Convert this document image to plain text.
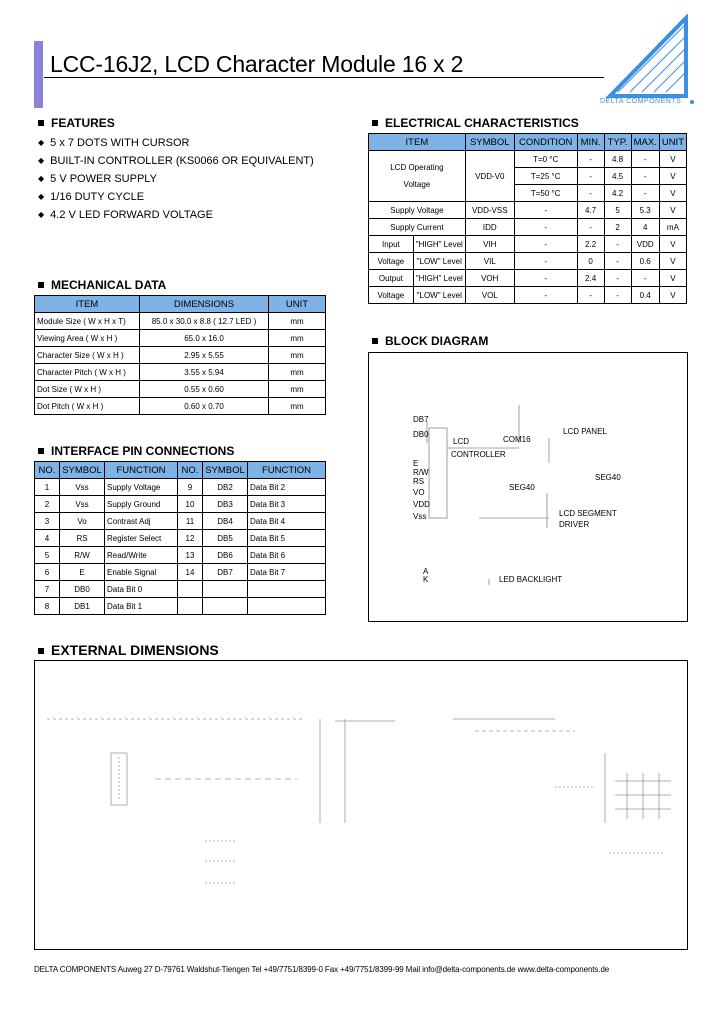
LCC-16J2, LCD Character Module 16 x 2
DELTA COMPONENTS
FEATURES
◆ 5 x 7 DOTS WITH CURSOR
◆ BUILT-IN CONTROLLER (KS0066 OR EQUIVALENT)
◆ 5 V POWER SUPPLY
◆ 1/16 DUTY CYCLE
◆ 4.2 V LED FORWARD VOLTAGE
MECHANICAL DATA
ITEM	DIMENSIONS	UNIT
Module Size ( W x H x T)	85.0 x 30.0 x 8.8 ( 12.7 LED )	mm
Viewing Area ( W x H )	65.0 x 16.0	mm
Character Size ( W x H )	2.95 x 5.55	mm
Character Pitch ( W x H )	3.55 x 5.94	mm
Dot Size ( W x H )	0.55 x 0.60	mm
Dot Pitch ( W x H )	0.60 x 0.70	mm
INTERFACE PIN CONNECTIONS
NO.	SYMBOL	FUNCTION	NO.	SYMBOL	FUNCTION
1	Vss	Supply Voltage	9	DB2	Data Bit 2
2	Vss	Supply Ground	10	DB3	Data Bit 3
3	Vo	Contrast Adj	11	DB4	Data Bit 4
4	RS	Register Select	12	DB5	Data Bit 5
5	R/W	Read/Write	13	DB6	Data Bit 6
6	E	Enable Signal	14	DB7	Data Bit 7
7	DB0	Data Bit 0			
8	DB1	Data Bit 1			
ELECTRICAL CHARACTERISTICS
ITEM		SYMBOL	CONDITION	MIN.	TYP.	MAX.	UNIT

LCD Operating
Voltage		VDD-V0	T=0 °C	-	4.8	-	V
			T=25 °C	-	4.5	-	V
			T=50 °C	-	4.2	-	V
Supply Voltage		VDD-VSS	-	4.7	5	5.3	V
Supply Current		IDD	-	-	2	4	mA
Input	"HIGH" Level	VIH	-	2.2	-	VDD	V
Voltage	"LOW" Level	VIL	-	0	-	0.6	V
Output	"HIGH" Level	VOH	-	2.4	-	-	V
Voltage	"LOW" Level	VOL	-	-	-	0.4	V
BLOCK DIAGRAM
DB7
DB0
LCD
CONTROLLER
COM16
LCD PANEL
SEG40
SEG40
E
R/W
RS
VO
VDD
Vss	LCD SEGMENT
DRIVER
A
K	LED BACKLIGHT
EXTERNAL DIMENSIONS
DELTA COMPONENTS Auweg 27 D-79761 Waldshut-Tiengen Tel +49/7751/8399-0 Fax +49/7751/8399-99 Mail info@delta-components.de www.delta-components.de
